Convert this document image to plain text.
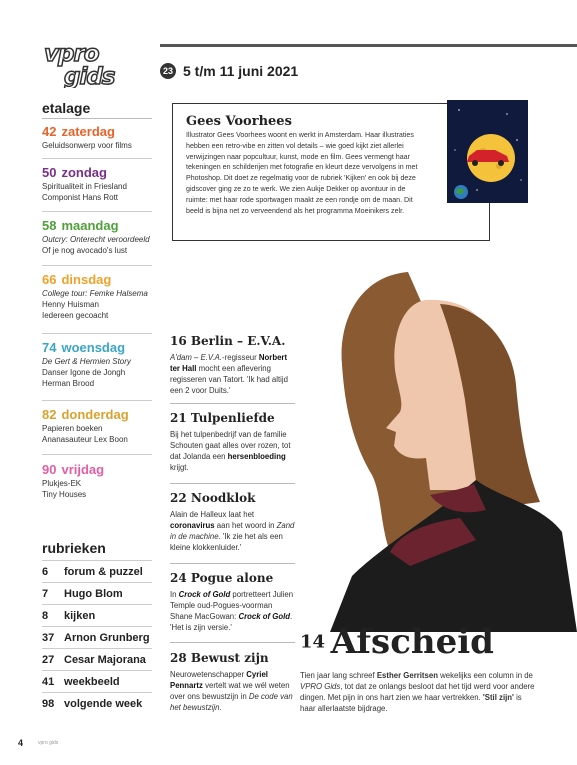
vpro
gids	23 5 t/m 11 juni 2021
etalage
42 zaterdag
Geluidsonwerp voor films
50 zondag
Spiritualiteit in Friesland
Componist Hans Rott
58 maandag
Outcry: Onterecht veroordeeld
Of je nog avocado's lust
66 dinsdag
College tour: Femke Halsema
Henny Huisman
Iedereen gecoacht
74 woensdag
De Gert & Hermien Story
Danser Igone de Jongh
Herman Brood
82 donderdag
Papieren boeken
Ananasauteur Lex Boon
90 vrijdag
Plukjes-EK
Tiny Houses
rubrieken
6	forum & puzzel
7	Hugo Blom
8	kijken
37 Arnon Grunberg
27 Cesar Majorana
41 weekbeeld
98 volgende week
Gees Voorhees
Illustrator Gees Voorhees woont en werkt in Amsterdam. Haar illustraties hebben een retro-vibe en zitten vol details – wie goed kijkt ziet allerlei verwijzingen naar popcultuur, kunst, mode en film. Gees vermengt haar tekeningen en schilderijen met fotografie en kleurt deze vervolgens in met Photoshop. Dit doet ze regelmatig voor de rubriek 'Kijken' en ook bij deze gidscover ging ze zo te werk. We zien Aukje Dekker op avontuur in de ruimte: met haar rode sportwagen maakt ze een rondje om de maan. Dit beeld is bijna net zo verveendend als het programma Moeinikers zelr.
16 Berlin – E.V.A.
A'dam – E.V.A.-regisseur Norbert ter Hall mocht een aflevering regisseren van Tatort. 'Ik had altijd een 2 voor Duits.'
21 Tulpenliefde
Bij het tulpenbedrijf van de familie Schouten gaat alles over rozen, tot dat Jolanda een hersenbloeding krijgt.
22 Noodklok
Alain de Halleux laat het coronavirus aan het woord in Zand in de machine. 'Ik zie het als een kleine klokkenluider.'
24 Pogue alone
In Crock of Gold portretteert Julien Temple oud-Pogues-voorman Shane MacGowan: Crock of Gold. 'Het is zijn versie.'
28 Bewust zijn
Neurowetenschapper Cyriel Pennartz vertelt wat we wél weten over ons bewustzijn in De code van het bewustzijn.
14 Afscheid
Tien jaar lang schreef Esther Gerritsen wekelijks een column in de VPRO Gids, tot dat ze onlangs besloot dat het tijd werd voor andere dingen. Met pijn in ons hart zien we haar vertrekken. 'Stil zijn' is haar allerlaatste bijdrage.
4	vpro gids
